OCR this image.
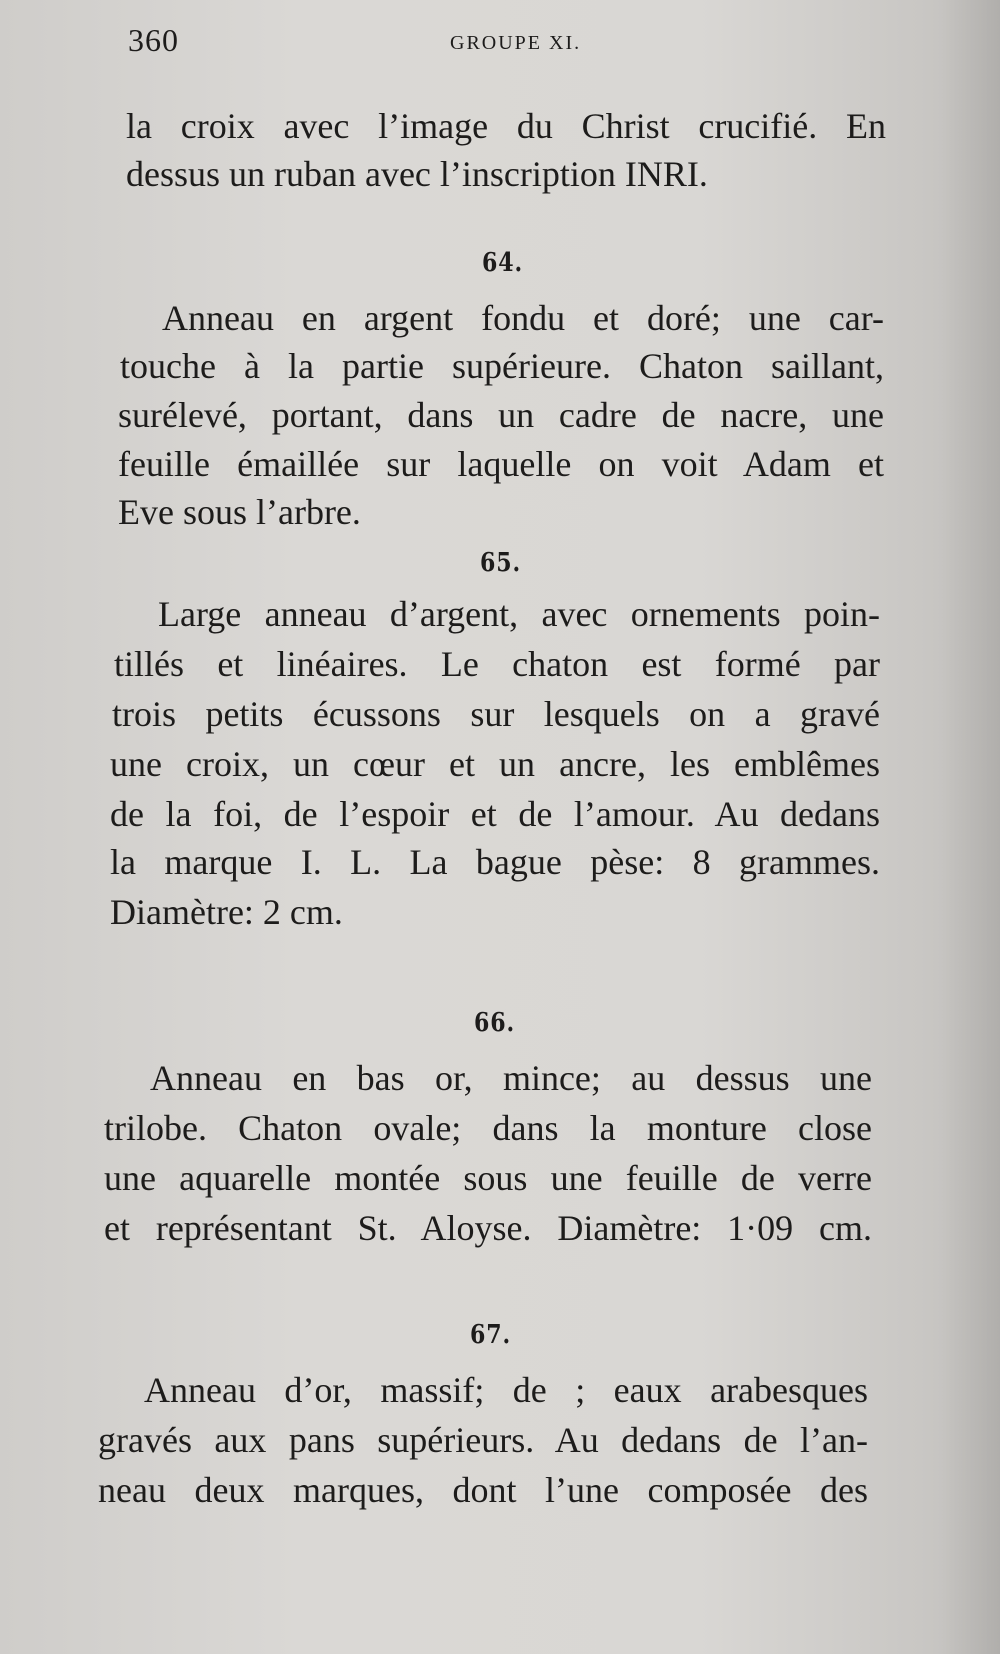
360	GROUPE XI.
la croix avec l’image du Christ crucifié. En
dessus un ruban avec l’inscription INRI.
64.
Anneau en argent fondu et doré; une car-
touche à la partie supérieure. Chaton saillant,
surélevé, portant, dans un cadre de nacre, une
feuille émaillée sur laquelle on voit Adam et
Eve sous l’arbre.
65.
Large anneau d’argent, avec ornements poin-
tillés et linéaires. Le chaton est formé par
trois petits écussons sur lesquels on a gravé
une croix, un cœur et un ancre, les emblêmes
de la foi, de l’espoir et de l’amour. Au dedans
la marque I. L. La bague pèse: 8 grammes.
Diamètre: 2 cm.
66.
Anneau en bas or, mince; au dessus une
trilobe. Chaton ovale; dans la monture close
une aquarelle montée sous une feuille de verre
et représentant St. Aloyse. Diamètre: 1·09 cm.
67.
Anneau d’or, massif; de ; eaux arabesques
gravés aux pans supérieurs. Au dedans de l’an-
neau deux marques, dont l’une composée des
